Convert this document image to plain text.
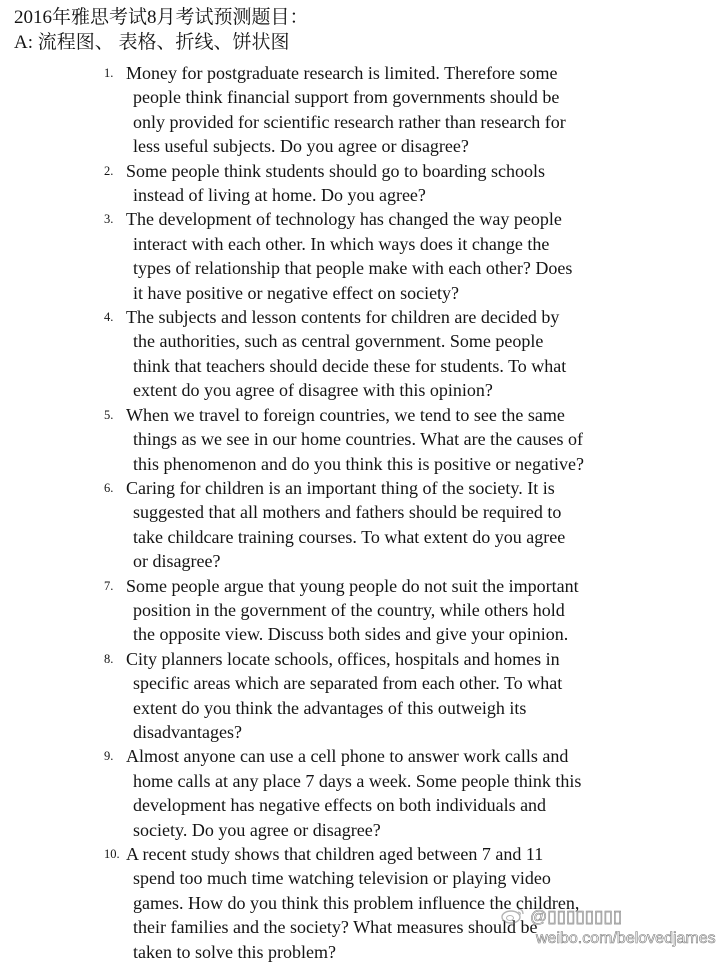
2016年雅思考试8月考试预测题目：
A: 流程图、 表格、折线、饼状图
1. Money for postgraduate research is limited. Therefore some
people think financial support from governments should be
only provided for scientific research rather than research for
less useful subjects. Do you agree or disagree?
2. Some people think students should go to boarding schools
instead of living at home. Do you agree?
3. The development of technology has changed the way people
interact with each other. In which ways does it change the
types of relationship that people make with each other? Does
it have positive or negative effect on society?
4. The subjects and lesson contents for children are decided by
the authorities, such as central government. Some people
think that teachers should decide these for students. To what
extent do you agree of disagree with this opinion?
5. When we travel to foreign countries, we tend to see the same
things as we see in our home countries. What are the causes of
this phenomenon and do you think this is positive or negative?
6. Caring for children is an important thing of the society. It is
suggested that all mothers and fathers should be required to
take childcare training courses. To what extent do you agree
or disagree?
7. Some people argue that young people do not suit the important
position in the government of the country, while others hold
the opposite view. Discuss both sides and give your opinion.
8. City planners locate schools, offices, hospitals and homes in
specific areas which are separated from each other. To what
extent do you think the advantages of this outweigh its
disadvantages?
9. Almost anyone can use a cell phone to answer work calls and
home calls at any place 7 days a week. Some people think this
development has negative effects on both individuals and
society. Do you agree or disagree?
10. A recent study shows that children aged between 7 and 11
spend too much time watching television or playing video
games. How do you think this problem influence the children,
their families and the society? What measures should be
taken to solve this problem?
@▯▯▯▯▯▯▯▯
weibo.com/belovedjames
